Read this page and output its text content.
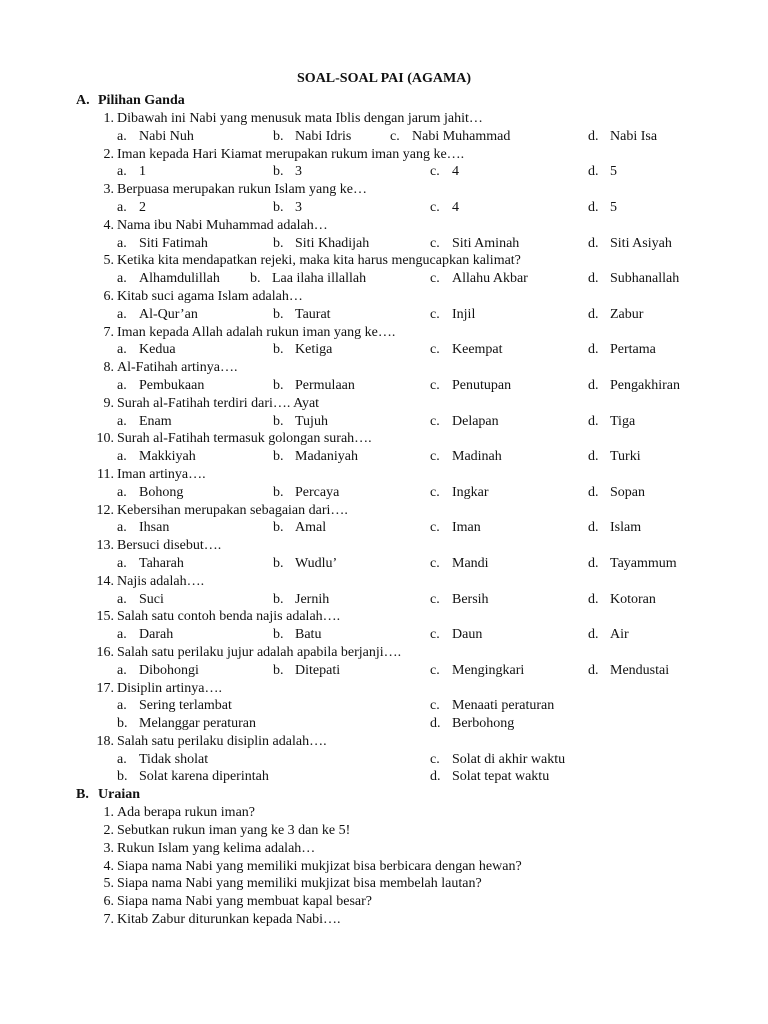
SOAL-SOAL PAI (AGAMA)
A. Pilihan Ganda
1. Dibawah ini Nabi yang menusuk mata Iblis dengan jarum jahit…
a. Nabi Nuh	b. Nabi Idris	c. Nabi Muhammad	d. Nabi Isa
2. Iman kepada Hari Kiamat merupakan rukum iman yang ke….
a. 1	b. 3	c. 4	d. 5
3. Berpuasa merupakan rukun Islam yang ke…
a. 2	b. 3	c. 4	d. 5
4. Nama ibu Nabi Muhammad adalah…
a. Siti Fatimah	b. Siti Khadijah	c. Siti Aminah	d. Siti Asiyah
5. Ketika kita mendapatkan rejeki, maka kita harus mengucapkan kalimat?
a. Alhamdulillah b. Laa ilaha illallah	c. Allahu Akbar	d. Subhanallah
6. Kitab suci agama Islam adalah…
a. Al-Qur’an	b. Taurat	c. Injil	d. Zabur
7. Iman kepada Allah adalah rukun iman yang ke….
a. Kedua	b. Ketiga	c. Keempat	d. Pertama
8. Al-Fatihah artinya….
a. Pembukaan	b. Permulaan	c. Penutupan	d. Pengakhiran
9. Surah al-Fatihah terdiri dari…. Ayat
a. Enam	b. Tujuh	c. Delapan	d. Tiga
10. Surah al-Fatihah termasuk golongan surah….
a. Makkiyah	b. Madaniyah	c. Madinah	d. Turki
11. Iman artinya….
a. Bohong	b. Percaya	c. Ingkar	d. Sopan
12. Kebersihan merupakan sebagaian dari….
a. Ihsan	b. Amal	c. Iman	d. Islam
13. Bersuci disebut….
a. Taharah	b. Wudlu’	c. Mandi	d. Tayammum
14. Najis adalah….
a. Suci	b. Jernih	c. Bersih	d. Kotoran
15. Salah satu contoh benda najis adalah….
a. Darah	b. Batu	c. Daun	d. Air
16. Salah satu perilaku jujur adalah apabila berjanji….
a. Dibohongi	b. Ditepati	c. Mengingkari	d. Mendustai
17. Disiplin artinya….
a. Sering terlambat	c. Menaati peraturan
b. Melanggar peraturan	d. Berbohong
18. Salah satu perilaku disiplin adalah….
a. Tidak sholat	c. Solat di akhir waktu
b. Solat karena diperintah	d. Solat tepat waktu
B. Uraian
1. Ada berapa rukun iman?
2. Sebutkan rukun iman yang ke 3 dan ke 5!
3. Rukun Islam yang kelima adalah…
4. Siapa nama Nabi yang memiliki mukjizat bisa berbicara dengan hewan?
5. Siapa nama Nabi yang memiliki mukjizat bisa membelah lautan?
6. Siapa nama Nabi yang membuat kapal besar?
7. Kitab Zabur diturunkan kepada Nabi….
